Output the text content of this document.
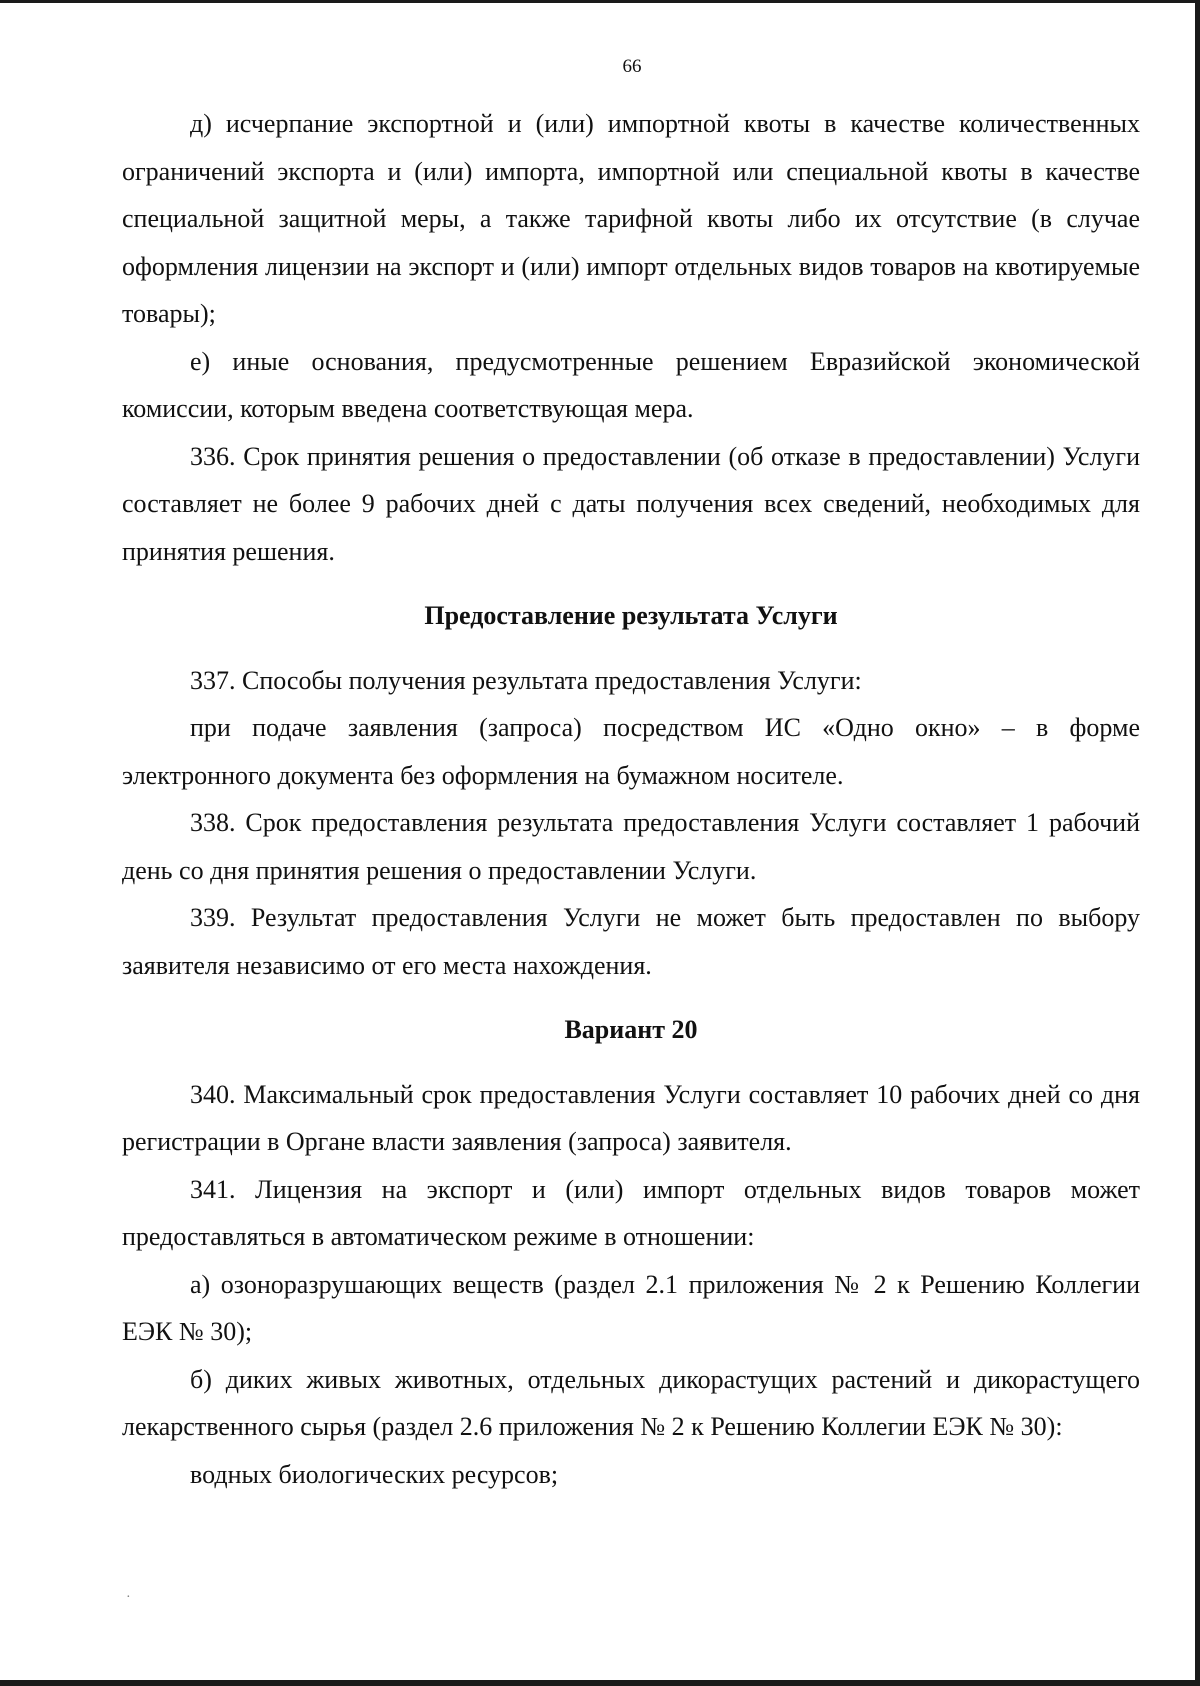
66

д) исчерпание экспортной и (или) импортной квоты в качестве количественных ограничений экспорта и (или) импорта, импортной или специальной квоты в качестве специальной защитной меры, а также тарифной квоты либо их отсутствие (в случае оформления лицензии на экспорт и (или) импорт отдельных видов товаров на квотируемые товары);

е) иные основания, предусмотренные решением Евразийской экономической комиссии, которым введена соответствующая мера.

336. Срок принятия решения о предоставлении (об отказе в предоставлении) Услуги составляет не более 9 рабочих дней с даты получения всех сведений, необходимых для принятия решения.

Предоставление результата Услуги

337. Способы получения результата предоставления Услуги:

при подаче заявления (запроса) посредством ИС «Одно окно» – в форме электронного документа без оформления на бумажном носителе.

338. Срок предоставления результата предоставления Услуги составляет 1 рабочий день со дня принятия решения о предоставлении Услуги.

339. Результат предоставления Услуги не может быть предоставлен по выбору заявителя независимо от его места нахождения.

Вариант 20

340. Максимальный срок предоставления Услуги составляет 10 рабочих дней со дня регистрации в Органе власти заявления (запроса) заявителя.

341. Лицензия на экспорт и (или) импорт отдельных видов товаров может предоставляться в автоматическом режиме в отношении:

а) озоноразрушающих веществ (раздел 2.1 приложения № 2 к Решению Коллегии ЕЭК № 30);

б) диких живых животных, отдельных дикорастущих растений и дикорастущего лекарственного сырья (раздел 2.6 приложения № 2 к Решению Коллегии ЕЭК № 30):

водных биологических ресурсов;

·
